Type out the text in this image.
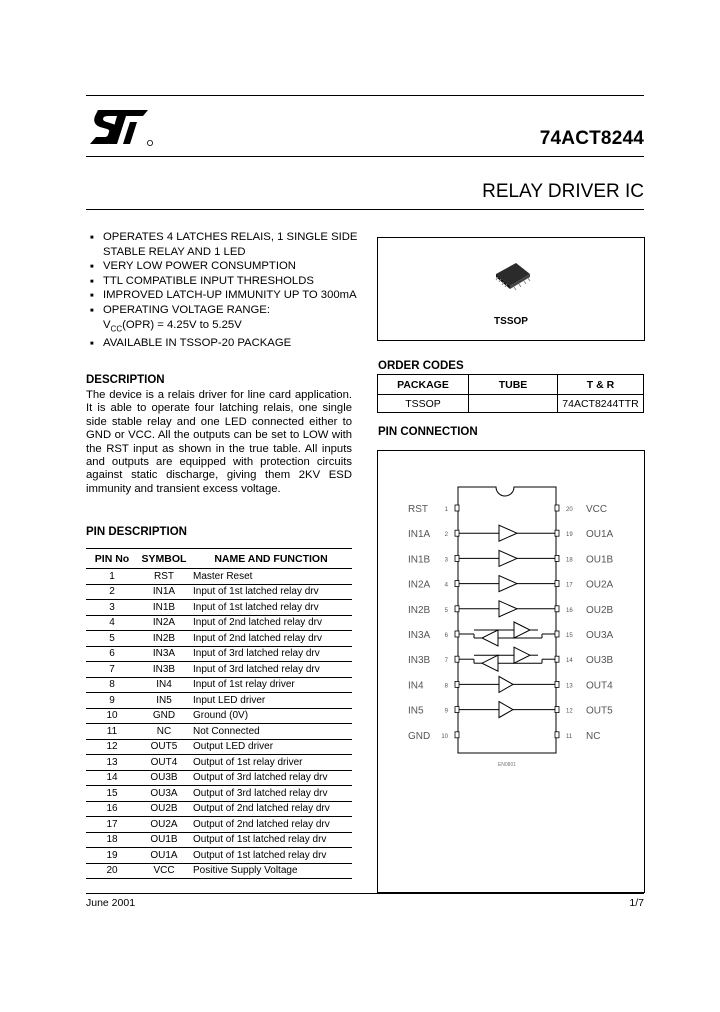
74ACT8244
RELAY DRIVER IC
■ OPERATES 4 LATCHES RELAIS, 1 SINGLE SIDE STABLE RELAY AND 1 LED
■ VERY LOW POWER CONSUMPTION
■ TTL COMPATIBLE INPUT THRESHOLDS
■ IMPROVED LATCH-UP IMMUNITY UP TO 300mA
■ OPERATING VOLTAGE RANGE:
$V_{CC}(OPR) = 4.25V$ to 5.25V
■ AVAILABLE IN TSSOP-20 PACKAGE
DESCRIPTION
The device is a relais driver for line card application. It is able to operate four latching relais, one single side stable relay and one LED connected either to GND or VCC. All the outputs can be set to LOW with the RST input as shown in the true table. All inputs and outputs are equipped with protection circuits against static discharge, giving them 2KV ESD immunity and transient excess voltage.
PIN DESCRIPTION
PIN No	SYMBOL	NAME AND FUNCTION
1	RST	Master Reset
2	IN1A	Input of 1st latched relay drv
3	IN1B	Input of 1st latched relay drv
4	IN2A	Input of 2nd latched relay drv
5	IN2B	Input of 2nd latched relay drv
6	IN3A	Input of 3rd latched relay drv
7	IN3B	Input of 3rd latched relay drv
8	IN4	Input of 1st relay driver
9	IN5	Input LED driver
10	GND	Ground (0V)
11	NC	Not Connected
12	OUT5	Output LED driver
13	OUT4	Output of 1st relay driver
14	OU3B	Output of 3rd latched relay drv
15	OU3A	Output of 3rd latched relay drv
16	OU2B	Output of 2nd latched relay drv
17	OU2A	Output of 2nd latched relay drv
18	OU1B	Output of 1st latched relay drv
19	OU1A	Output of 1st latched relay drv
20	VCC	Positive Supply Voltage
TSSOP
ORDER CODES
PACKAGE	TUBE	T & R
TSSOP		74ACT8244TTR
PIN CONNECTION
RST	1	20 VCC
IN1A 2	19 OU1A
IN1B 3	18 OU1B
IN2A 4	17 OU2A
IN2B 5	16 OU2B
IN3A 6	15 OU3A
IN3B 7	14 OU3B
IN4	8	13 OUT4
IN5	9	12 OUT5
GND 10	11 NC
EN0801
June 2001	1/7
